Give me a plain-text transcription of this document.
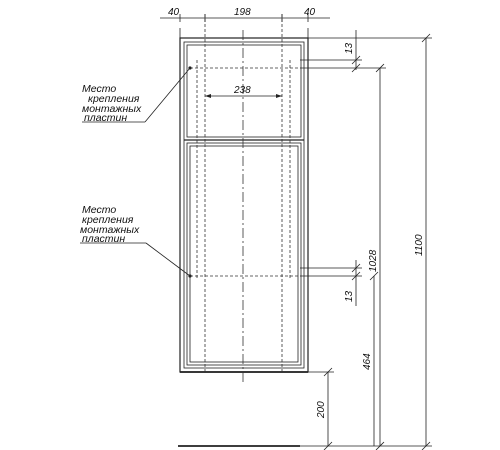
40	198	40
238
Место
крепления
монтажных
пластин
Место
крепления
монтажных
пластин
13
13
1028
1100
464
200
